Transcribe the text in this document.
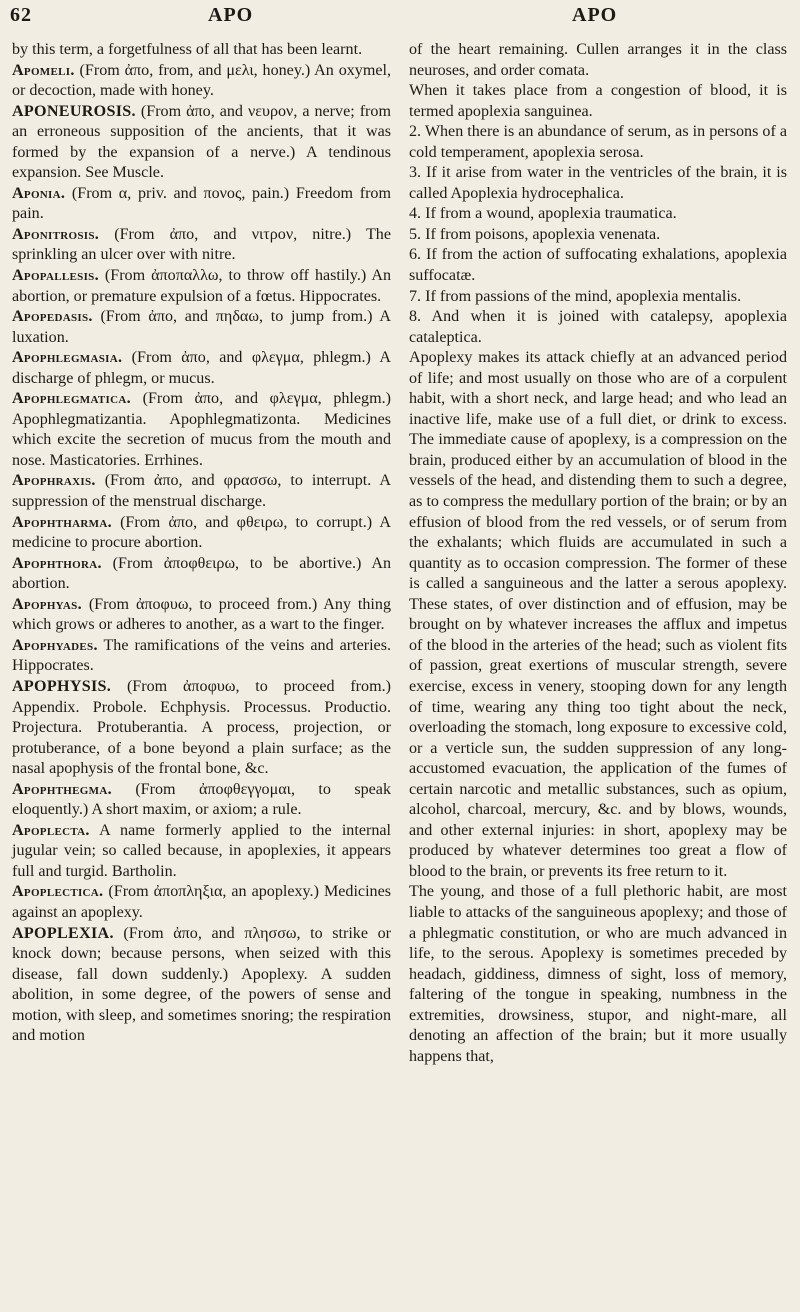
62	APO	APO

by this term, a forgetfulness of all that has been learnt.

Apomeli. (From ἀπο, from, and μελι, honey.) An oxymel, or decoction, made with honey.

APONEUROSIS. (From ἀπο, and νευρον, a nerve; from an erroneous supposition of the ancients, that it was formed by the expansion of a nerve.) A tendinous expansion. See Muscle.

Aponia. (From α, priv. and πονος, pain.) Freedom from pain.

Aponitrosis. (From ἀπο, and νιτρον, nitre.) The sprinkling an ulcer over with nitre.

Apopallesis. (From ἀποπαλλω, to throw off hastily.) An abortion, or premature expulsion of a fœtus. Hippocrates.

Apopedasis. (From ἀπο, and πηδαω, to jump from.) A luxation.

Apophlegmasia. (From ἀπο, and φλεγμα, phlegm.) A discharge of phlegm, or mucus.

Apophlegmatica. (From ἀπο, and φλεγμα, phlegm.) Apophlegmatizantia. Apophlegmatizonta. Medicines which excite the secretion of mucus from the mouth and nose. Masticatories. Errhines.

Apophraxis. (From ἀπο, and φρασσω, to interrupt. A suppression of the menstrual discharge.

Apophtharma. (From ἀπο, and φθειρω, to corrupt.) A medicine to procure abortion.

Apophthora. (From ἀποφθειρω, to be abortive.) An abortion.

Apophyas. (From ἀποφυω, to proceed from.) Any thing which grows or adheres to another, as a wart to the finger.

Apophyades. The ramifications of the veins and arteries. Hippocrates.

APOPHYSIS. (From ἀποφυω, to proceed from.) Appendix. Probole. Echphysis. Processus. Productio. Projectura. Protuberantia. A process, projection, or protuberance, of a bone beyond a plain surface; as the nasal apophysis of the frontal bone, &c.

Apophthegma. (From ἀποφθεγγομαι, to speak eloquently.) A short maxim, or axiom; a rule.

Apoplecta. A name formerly applied to the internal jugular vein; so called because, in apoplexies, it appears full and turgid. Bartholin.

Apoplectica. (From ἀποπληξια, an apoplexy.) Medicines against an apoplexy.

APOPLEXIA. (From ἀπο, and πλησσω, to strike or knock down; because persons, when seized with this disease, fall down suddenly.) Apoplexy. A sudden abolition, in some degree, of the powers of sense and motion, with sleep, and sometimes snoring; the respiration and motion

of the heart remaining. Cullen arranges it in the class neuroses, and order comata.

When it takes place from a congestion of blood, it is termed apoplexia sanguinea.

2. When there is an abundance of serum, as in persons of a cold temperament, apoplexia serosa.

3. If it arise from water in the ventricles of the brain, it is called Apoplexia hydrocephalica.

4. If from a wound, apoplexia traumatica.

5. If from poisons, apoplexia venenata.

6. If from the action of suffocating exhalations, apoplexia suffocatæ.

7. If from passions of the mind, apoplexia mentalis.

8. And when it is joined with catalepsy, apoplexia cataleptica.

Apoplexy makes its attack chiefly at an advanced period of life; and most usually on those who are of a corpulent habit, with a short neck, and large head; and who lead an inactive life, make use of a full diet, or drink to excess. The immediate cause of apoplexy, is a compression on the brain, produced either by an accumulation of blood in the vessels of the head, and distending them to such a degree, as to compress the medullary portion of the brain; or by an effusion of blood from the red vessels, or of serum from the exhalants; which fluids are accumulated in such a quantity as to occasion compression. The former of these is called a sanguineous and the latter a serous apoplexy. These states, of over distinction and of effusion, may be brought on by whatever increases the afflux and impetus of the blood in the arteries of the head; such as violent fits of passion, great exertions of muscular strength, severe exercise, excess in venery, stooping down for any length of time, wearing any thing too tight about the neck, overloading the stomach, long exposure to excessive cold, or a verticle sun, the sudden suppression of any long-accustomed evacuation, the application of the fumes of certain narcotic and metallic substances, such as opium, alcohol, charcoal, mercury, &c. and by blows, wounds, and other external injuries: in short, apoplexy may be produced by whatever determines too great a flow of blood to the brain, or prevents its free return to it.

The young, and those of a full plethoric habit, are most liable to attacks of the sanguineous apoplexy; and those of a phlegmatic constitution, or who are much advanced in life, to the serous. Apoplexy is sometimes preceded by headach, giddiness, dimness of sight, loss of memory, faltering of the tongue in speaking, numbness in the extremities, drowsiness, stupor, and night-mare, all denoting an affection of the brain; but it more usually happens that,
